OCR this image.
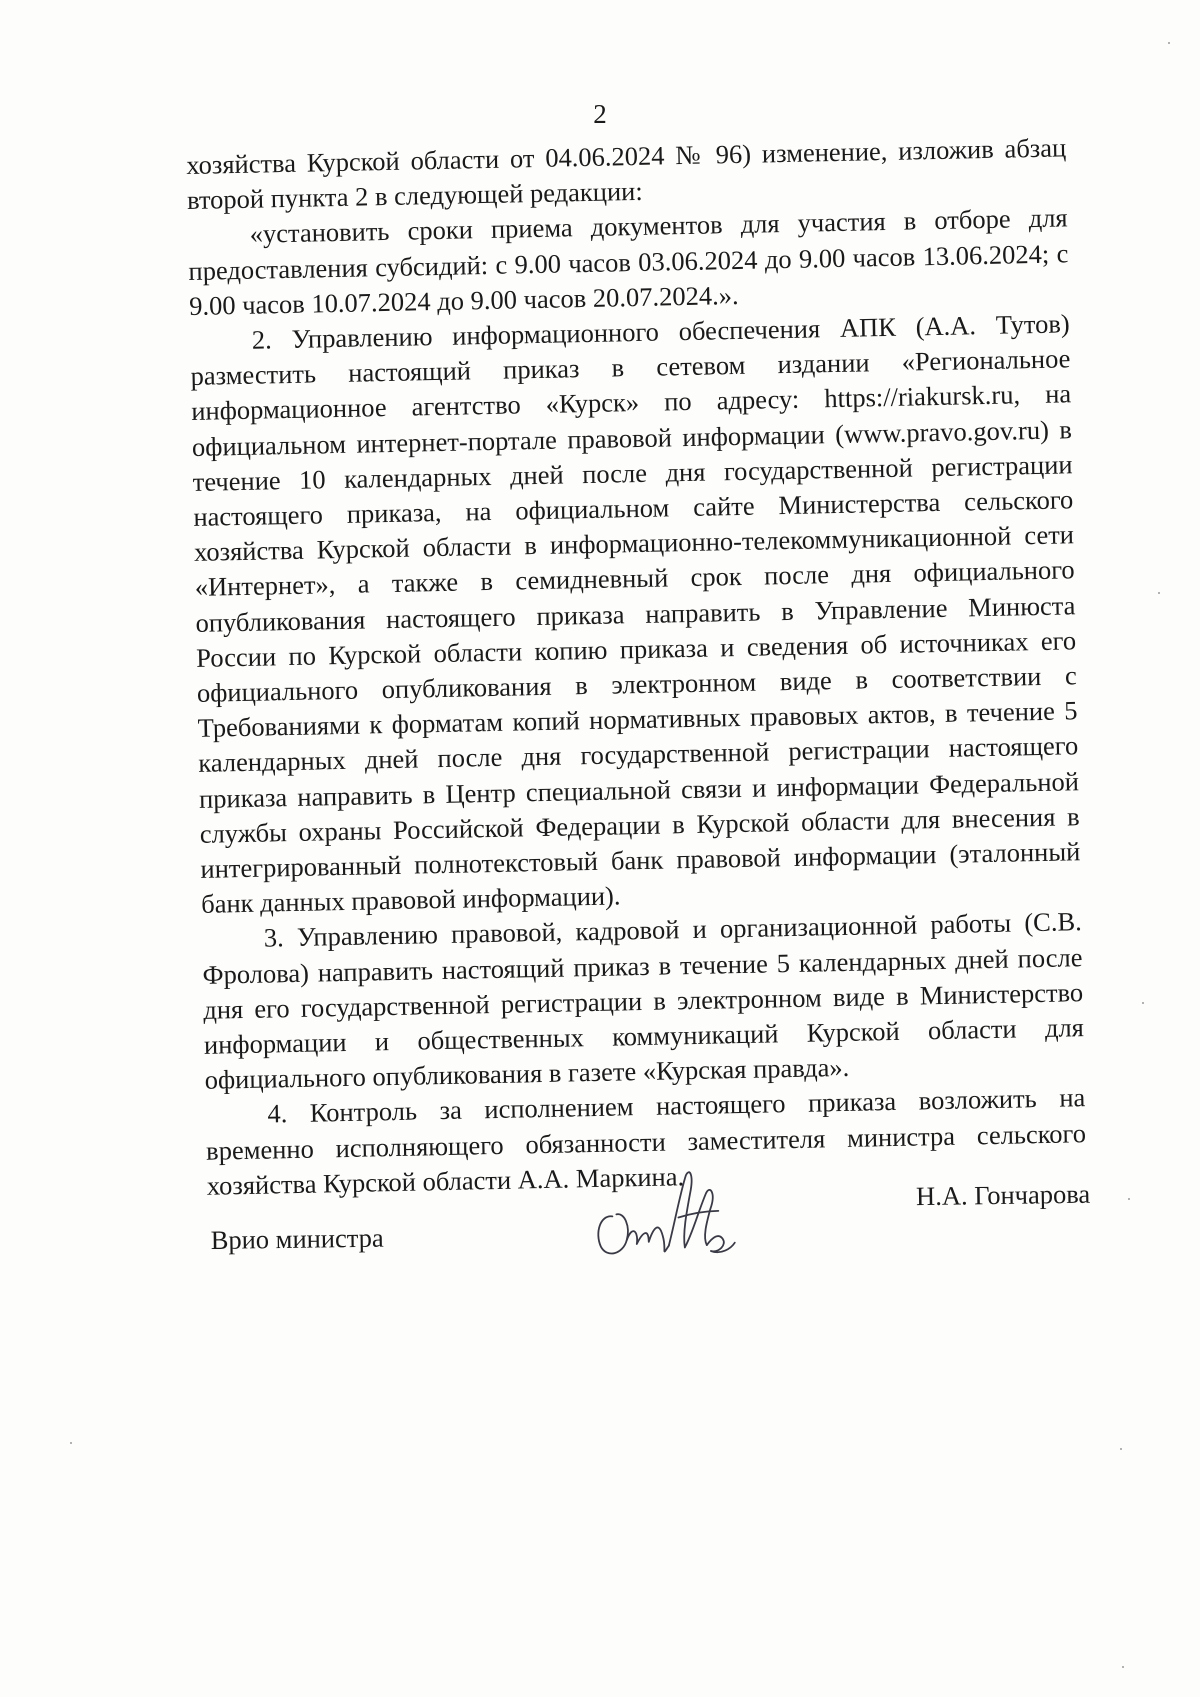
2

хозяйства Курской области от 04.06.2024 № 96) изменение, изложив абзац второй пункта 2 в следующей редакции:

«установить сроки приема документов для участия в отборе для предоставления субсидий: с 9.00 часов 03.06.2024 до 9.00 часов 13.06.2024; с 9.00 часов 10.07.2024 до 9.00 часов 20.07.2024.».

2. Управлению информационного обеспечения АПК (А.А. Тутов) разместить настоящий приказ в сетевом издании «Региональное информационное агентство «Курск» по адресу: https://riakursk.ru, на официальном интернет-портале правовой информации (www.pravo.gov.ru) в течение 10 календарных дней после дня государственной регистрации настоящего приказа, на официальном сайте Министерства сельского хозяйства Курской области в информационно-телекоммуникационной сети «Интернет», а также в семидневный срок после дня официального опубликования настоящего приказа направить в Управление Минюста России по Курской области копию приказа и сведения об источниках его официального опубликования в электронном виде в соответствии с Требованиями к форматам копий нормативных правовых актов, в течение 5 календарных дней после дня государственной регистрации настоящего приказа направить в Центр специальной связи и информации Федеральной службы охраны Российской Федерации в Курской области для внесения в интегрированный полнотекстовый банк правовой информации (эталонный банк данных правовой информации).

3. Управлению правовой, кадровой и организационной работы (С.В. Фролова) направить настоящий приказ в течение 5 календарных дней после дня его государственной регистрации в электронном виде в Министерство информации и общественных коммуникаций Курской области для официального опубликования в газете «Курская правда».

4. Контроль за исполнением настоящего приказа возложить на временно исполняющего обязанности заместителя министра сельского хозяйства Курской области А.А. Маркина.

Врио министра
Н.А. Гончарова
